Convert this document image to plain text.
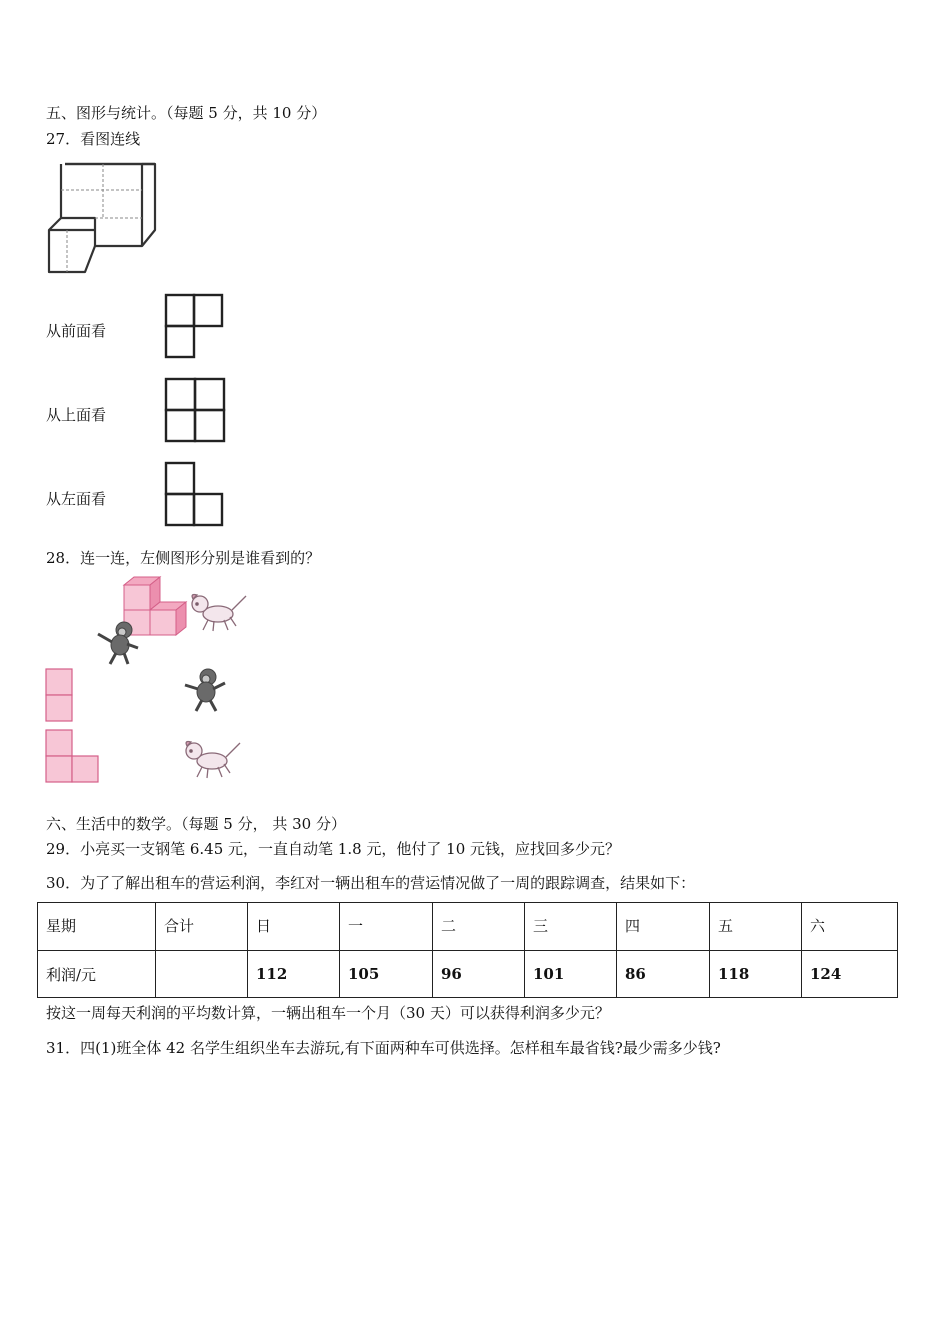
五、图形与统计。（每题 5 分，共 10 分）
27．看图连线
从前面看
从上面看
从左面看
28．连一连，左侧图形分别是谁看到的？
六、生活中的数学。（每题 5 分， 共 30 分）
29．小亮买一支钢笔 6.45 元，一直自动笔 1.8 元，他付了 10 元钱，应找回多少元？
30．为了了解出租车的营运利润，李红对一辆出租车的营运情况做了一周的跟踪调查，结果如下：
星期	合计	日	一	二	三	四	五	六
利润/元		112	105	96	101	86	118	124
按这一周每天利润的平均数计算，一辆出租车一个月（30 天）可以获得利润多少元？
31．四(1)班全体 42 名学生组织坐车去游玩,有下面两种车可供选择。怎样租车最省钱?最少需多少钱?
